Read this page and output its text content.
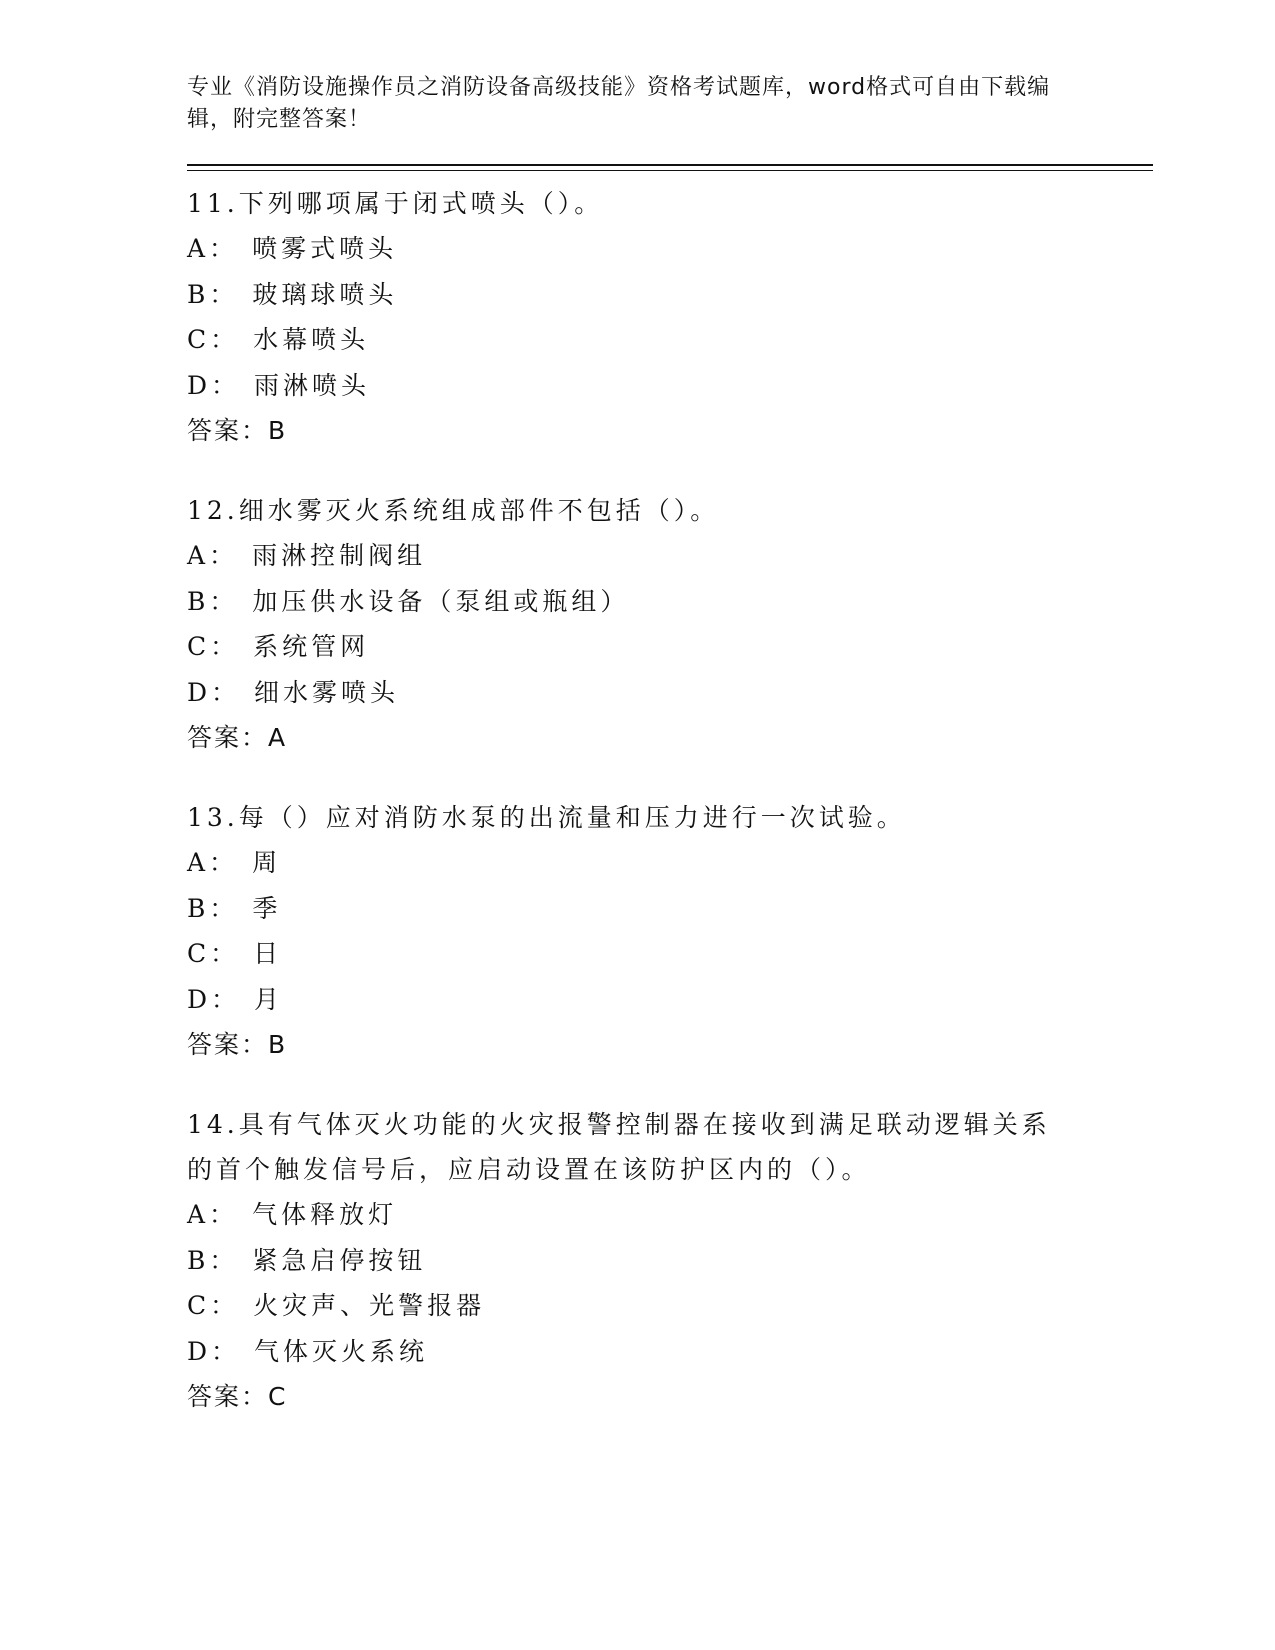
专业《消防设施操作员之消防设备高级技能》资格考试题库，word格式可自由下载编辑，附完整答案！

11.下列哪项属于闭式喷头（）。

A： 喷雾式喷头

B： 玻璃球喷头

C： 水幕喷头

D： 雨淋喷头

答案：B

12.细水雾灭火系统组成部件不包括（）。

A： 雨淋控制阀组

B： 加压供水设备（泵组或瓶组）

C： 系统管网

D： 细水雾喷头

答案：A

13.每（）应对消防水泵的出流量和压力进行一次试验。

A： 周

B： 季

C： 日

D： 月

答案：B

14.具有气体灭火功能的火灾报警控制器在接收到满足联动逻辑关系的首个触发信号后，应启动设置在该防护区内的（）。

A： 气体释放灯

B： 紧急启停按钮

C： 火灾声、光警报器

D： 气体灭火系统

答案：C
